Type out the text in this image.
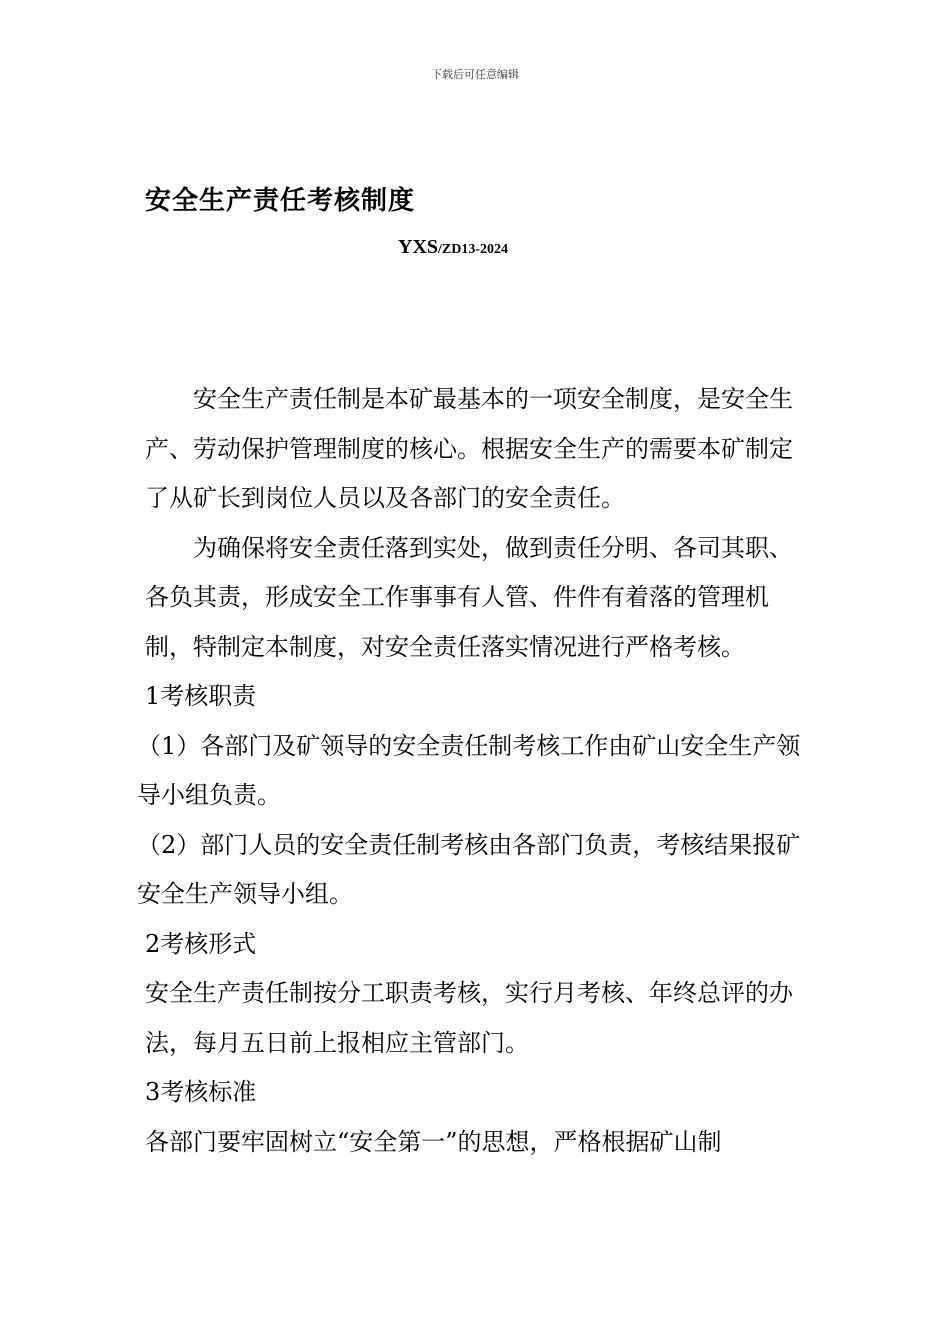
下载后可任意编辑
安全生产责任考核制度
YXS/ZD13-2024

安全生产责任制是本矿最基本的一项安全制度，是安全生产、劳动保护管理制度的核心。根据安全生产的需要本矿制定了从矿长到岗位人员以及各部门的安全责任。

为确保将安全责任落到实处，做到责任分明、各司其职、各负其责，形成安全工作事事有人管、件件有着落的管理机制，特制定本制度，对安全责任落实情况进行严格考核。

1考核职责

（1）各部门及矿领导的安全责任制考核工作由矿山安全生产领导小组负责。

（2）部门人员的安全责任制考核由各部门负责，考核结果报矿安全生产领导小组。

2考核形式

安全生产责任制按分工职责考核，实行月考核、年终总评的办法，每月五日前上报相应主管部门。

3考核标准

各部门要牢固树立“安全第一”的思想，严格根据矿山制
